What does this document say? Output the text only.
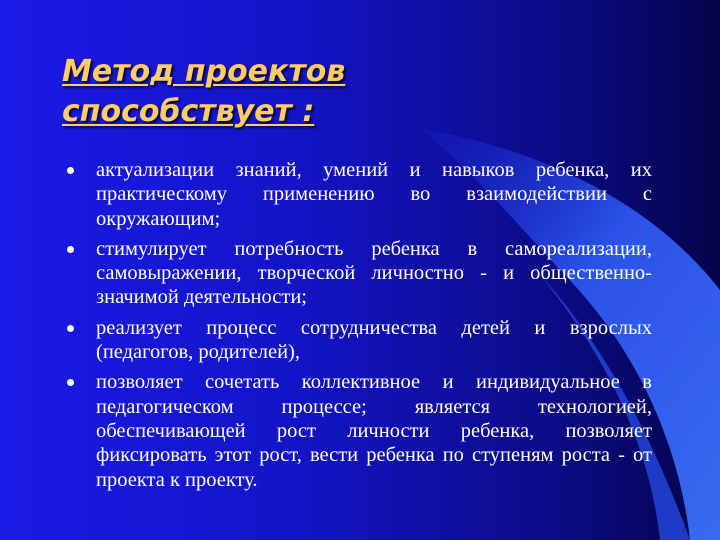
Метод проектов способствует :
актуализации знаний, умений и навыков ребенка, их практическому применению во взаимодействии с окружающим;
стимулирует потребность ребенка в самореализации, самовыражении, творческой личностно - и общественно-значимой деятельности;
реализует процесс сотрудничества детей и взрослых (педагогов, родителей),
позволяет сочетать коллективное и индивидуальное в педагогическом процессе; является технологией, обеспечивающей рост личности ребенка, позволяет фиксировать этот рост, вести ребенка по ступеням роста - от проекта к проекту.
